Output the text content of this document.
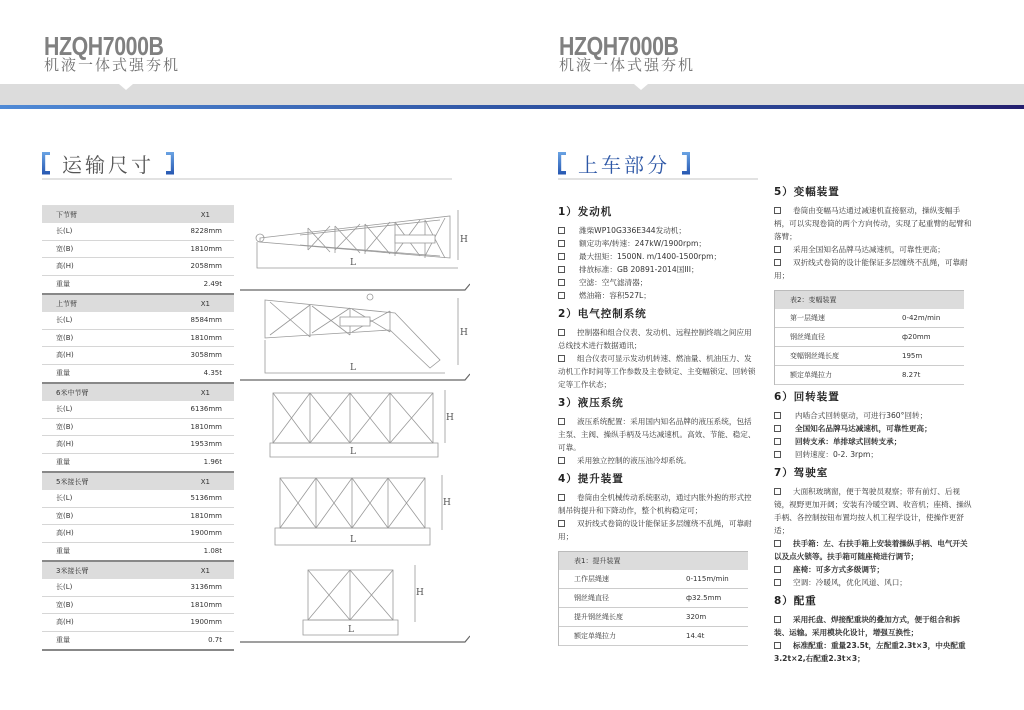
HZQH7000B
机液一体式强夯机
运输尺寸
下节臂	X1
长(L)	8228mm
宽(B)	1810mm
高(H)	2058mm
重量	2.49t
上节臂	X1
长(L)	8584mm
宽(B)	1810mm
高(H)	3058mm
重量	4.35t
6米中节臂	X1
长(L)	6136mm
宽(B)	1810mm
高(H)	1953mm
重量	1.96t
5米接长臂	X1
长(L)	5136mm
宽(B)	1810mm
高(H)	1900mm
重量	1.08t
3米接长臂	X1
长(L)	3136mm
宽(B)	1810mm
高(H)	1900mm
重量	0.7t
L
H
L
H
L
H
L
H
L
H
HZQH7000B
机液一体式强夯机
上车部分
1）发动机
潍柴WP10G336E344发动机；
额定功率/转速：247kW/1900rpm；
最大扭矩：1500N. m/1400-1500rpm；
排放标准：GB 20891-2014国III；
空滤：空气滤清器；
燃油箱：容积527L；
2）电气控制系统
控制器和组合仪表、发动机、远程控制终端之间应用总线技术进行数据通讯；
组合仪表可显示发动机转速、燃油量、机油压力、发动机工作时间等工作参数及主卷锁定、主变幅锁定、回转锁定等工作状态；
3）液压系统
液压系统配置：采用国内知名品牌的液压系统，包括主泵、主阀、操纵手柄及马达减速机。高效、节能、稳定、可靠。
采用独立控制的液压油冷却系统。
4）提升装置
卷筒由全机械传动系统驱动，通过内胀外抱的形式控制吊钩提升和下降动作，整个机构稳定可；
双折线式卷筒的设计能保证多层缠绕不乱绳，可靠耐用；
表1：提升装置
工作层绳速	0-115m/min
钢丝绳直径	ф32.5mm
提升钢丝绳长度	320m
额定单绳拉力	14.4t
5）变幅装置
卷筒由变幅马达通过减速机直接驱动，操纵变幅手柄，可以实现卷筒的两个方向传动，实现了起重臂的起臂和落臂；
采用全国知名品牌马达减速机，可靠性更高；
双折线式卷筒的设计能保证多层缠绕不乱绳，可靠耐用；
表2：变幅装置
第一层绳速	0-42m/min
钢丝绳直径	ф20mm
变幅钢丝绳长度	195m
额定单绳拉力	8.27t
6）回转装置
内啮合式回转驱动，可进行360°回转；
全国知名品牌马达减速机，可靠性更高；
回转支承：单排球式回转支承；
回转速度：0-2. 3rpm；
7）驾驶室
大面积玻璃窗，便于驾驶员观察；带有前灯、后视镜，视野更加开阔；安装有冷暖空调、收音机；座椅、操纵手柄、各控制按钮布置均按人机工程学设计，使操作更舒适；
扶手箱：左、右扶手箱上安装着操纵手柄、电气开关以及点火锁等。扶手箱可随座椅进行调节；
座椅：可多方式多级调节；
空调：冷暖风，优化风道、风口；
8）配重
采用托盘、焊接配重块的叠加方式，便于组合和拆装、运输。采用模块化设计，增强互换性；
标准配重：重量23.5t，左配重2.3t×3，中央配重3.2t×2,右配重2.3t×3；
